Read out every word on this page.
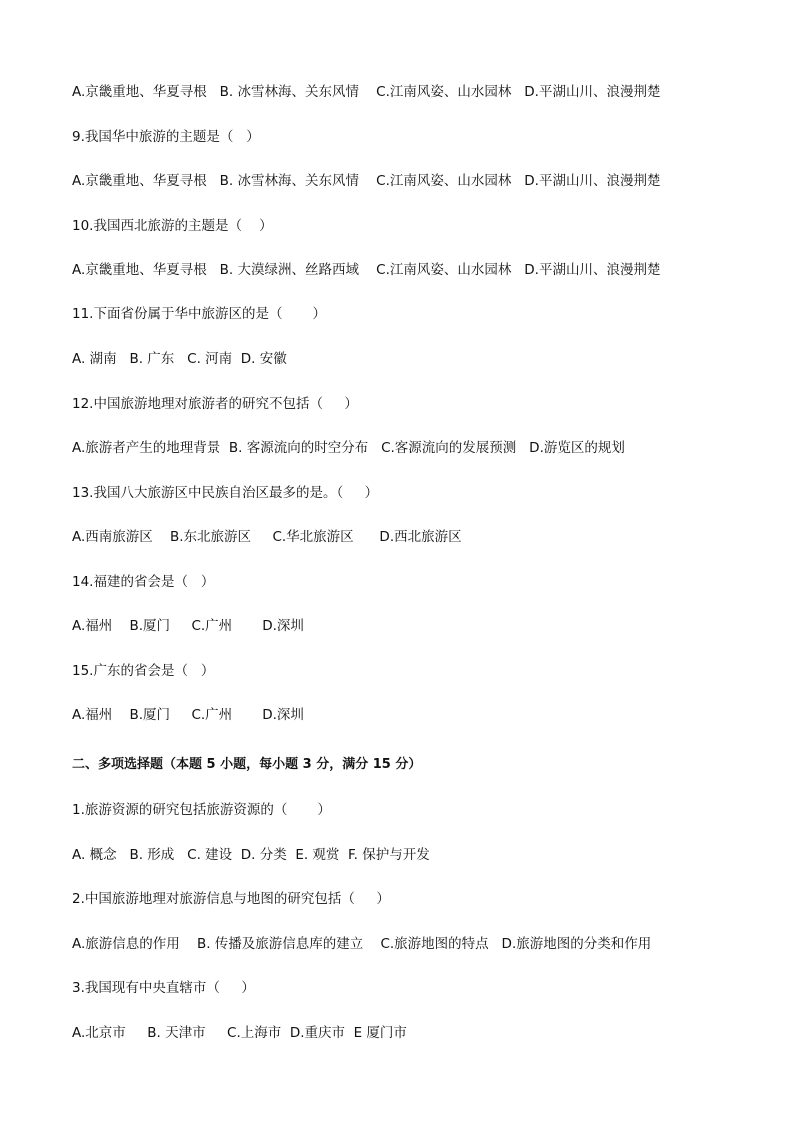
A.京畿重地、华夏寻根   B. 冰雪林海、关东风情    C.江南风姿、山水园林   D.平湖山川、浪漫荆楚

9.我国华中旅游的主题是（   ）

A.京畿重地、华夏寻根   B. 冰雪林海、关东风情    C.江南风姿、山水园林   D.平湖山川、浪漫荆楚

10.我国西北旅游的主题是（    ）

A.京畿重地、华夏寻根   B. 大漠绿洲、丝路西域    C.江南风姿、山水园林   D.平湖山川、浪漫荆楚

11.下面省份属于华中旅游区的是（       ）

A. 湖南   B. 广东   C. 河南  D. 安徽

12.中国旅游地理对旅游者的研究不包括（     ）

A.旅游者产生的地理背景  B. 客源流向的时空分布   C.客源流向的发展预测   D.游览区的规划

13.我国八大旅游区中民族自治区最多的是。（     ）

A.西南旅游区    B.东北旅游区     C.华北旅游区      D.西北旅游区

14.福建的省会是（   ）

A.福州    B.厦门     C.广州       D.深圳

15.广东的省会是（   ）

A.福州    B.厦门     C.广州       D.深圳

二、多项选择题（本题 5 小题，每小题 3 分，满分 15 分）

1.旅游资源的研究包括旅游资源的（       ）

A. 概念   B. 形成   C. 建设  D. 分类  E. 观赏  F. 保护与开发

2.中国旅游地理对旅游信息与地图的研究包括（     ）

A.旅游信息的作用    B. 传播及旅游信息库的建立    C.旅游地图的特点   D.旅游地图的分类和作用

3.我国现有中央直辖市（     ）

A.北京市     B. 天津市     C.上海市  D.重庆市  E 厦门市
